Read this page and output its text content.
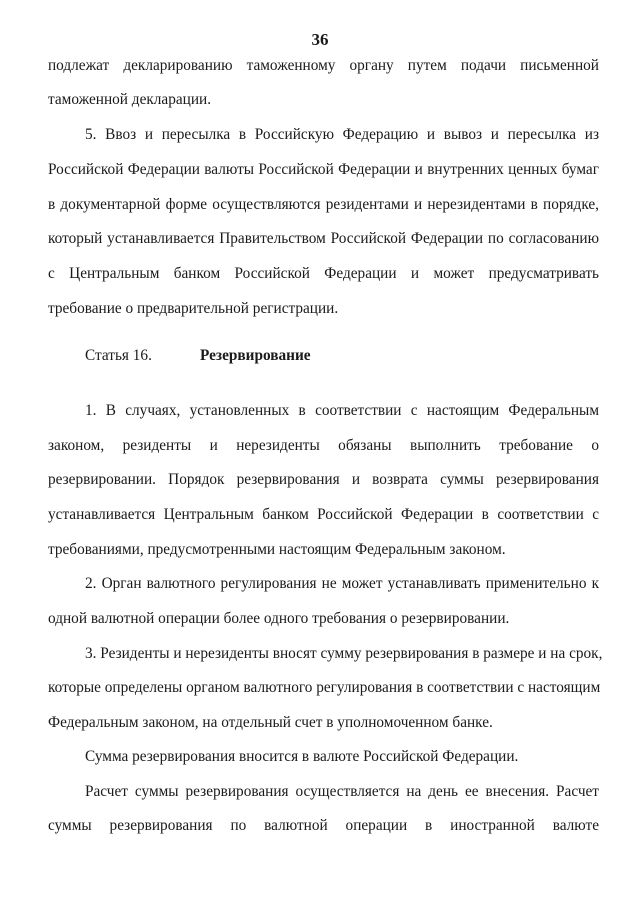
36
подлежат декларированию таможенному органу путем подачи письменной
таможенной декларации.
5. Ввоз и пересылка в Российскую Федерацию и вывоз и пересылка из
Российской Федерации валюты Российской Федерации и внутренних ценных бумаг
в документарной форме осуществляются резидентами и нерезидентами в порядке,
который устанавливается Правительством Российской Федерации по согласованию
с Центральным банком Российской Федерации и может предусматривать
требование о предварительной регистрации.
Статья 16.	Резервирование
1. В случаях, установленных в соответствии с настоящим Федеральным
законом, резиденты и нерезиденты обязаны выполнить требование о
резервировании. Порядок резервирования и возврата суммы резервирования
устанавливается Центральным банком Российской Федерации в соответствии с
требованиями, предусмотренными настоящим Федеральным законом.
2. Орган валютного регулирования не может устанавливать применительно к
одной валютной операции более одного требования о резервировании.
3. Резиденты и нерезиденты вносят сумму резервирования в размере и на срок,
которые определены органом валютного регулирования в соответствии с настоящим
Федеральным законом, на отдельный счет в уполномоченном банке.
Сумма резервирования вносится в валюте Российской Федерации.
Расчет суммы резервирования осуществляется на день ее внесения. Расчет
суммы резервирования по валютной операции в иностранной валюте
